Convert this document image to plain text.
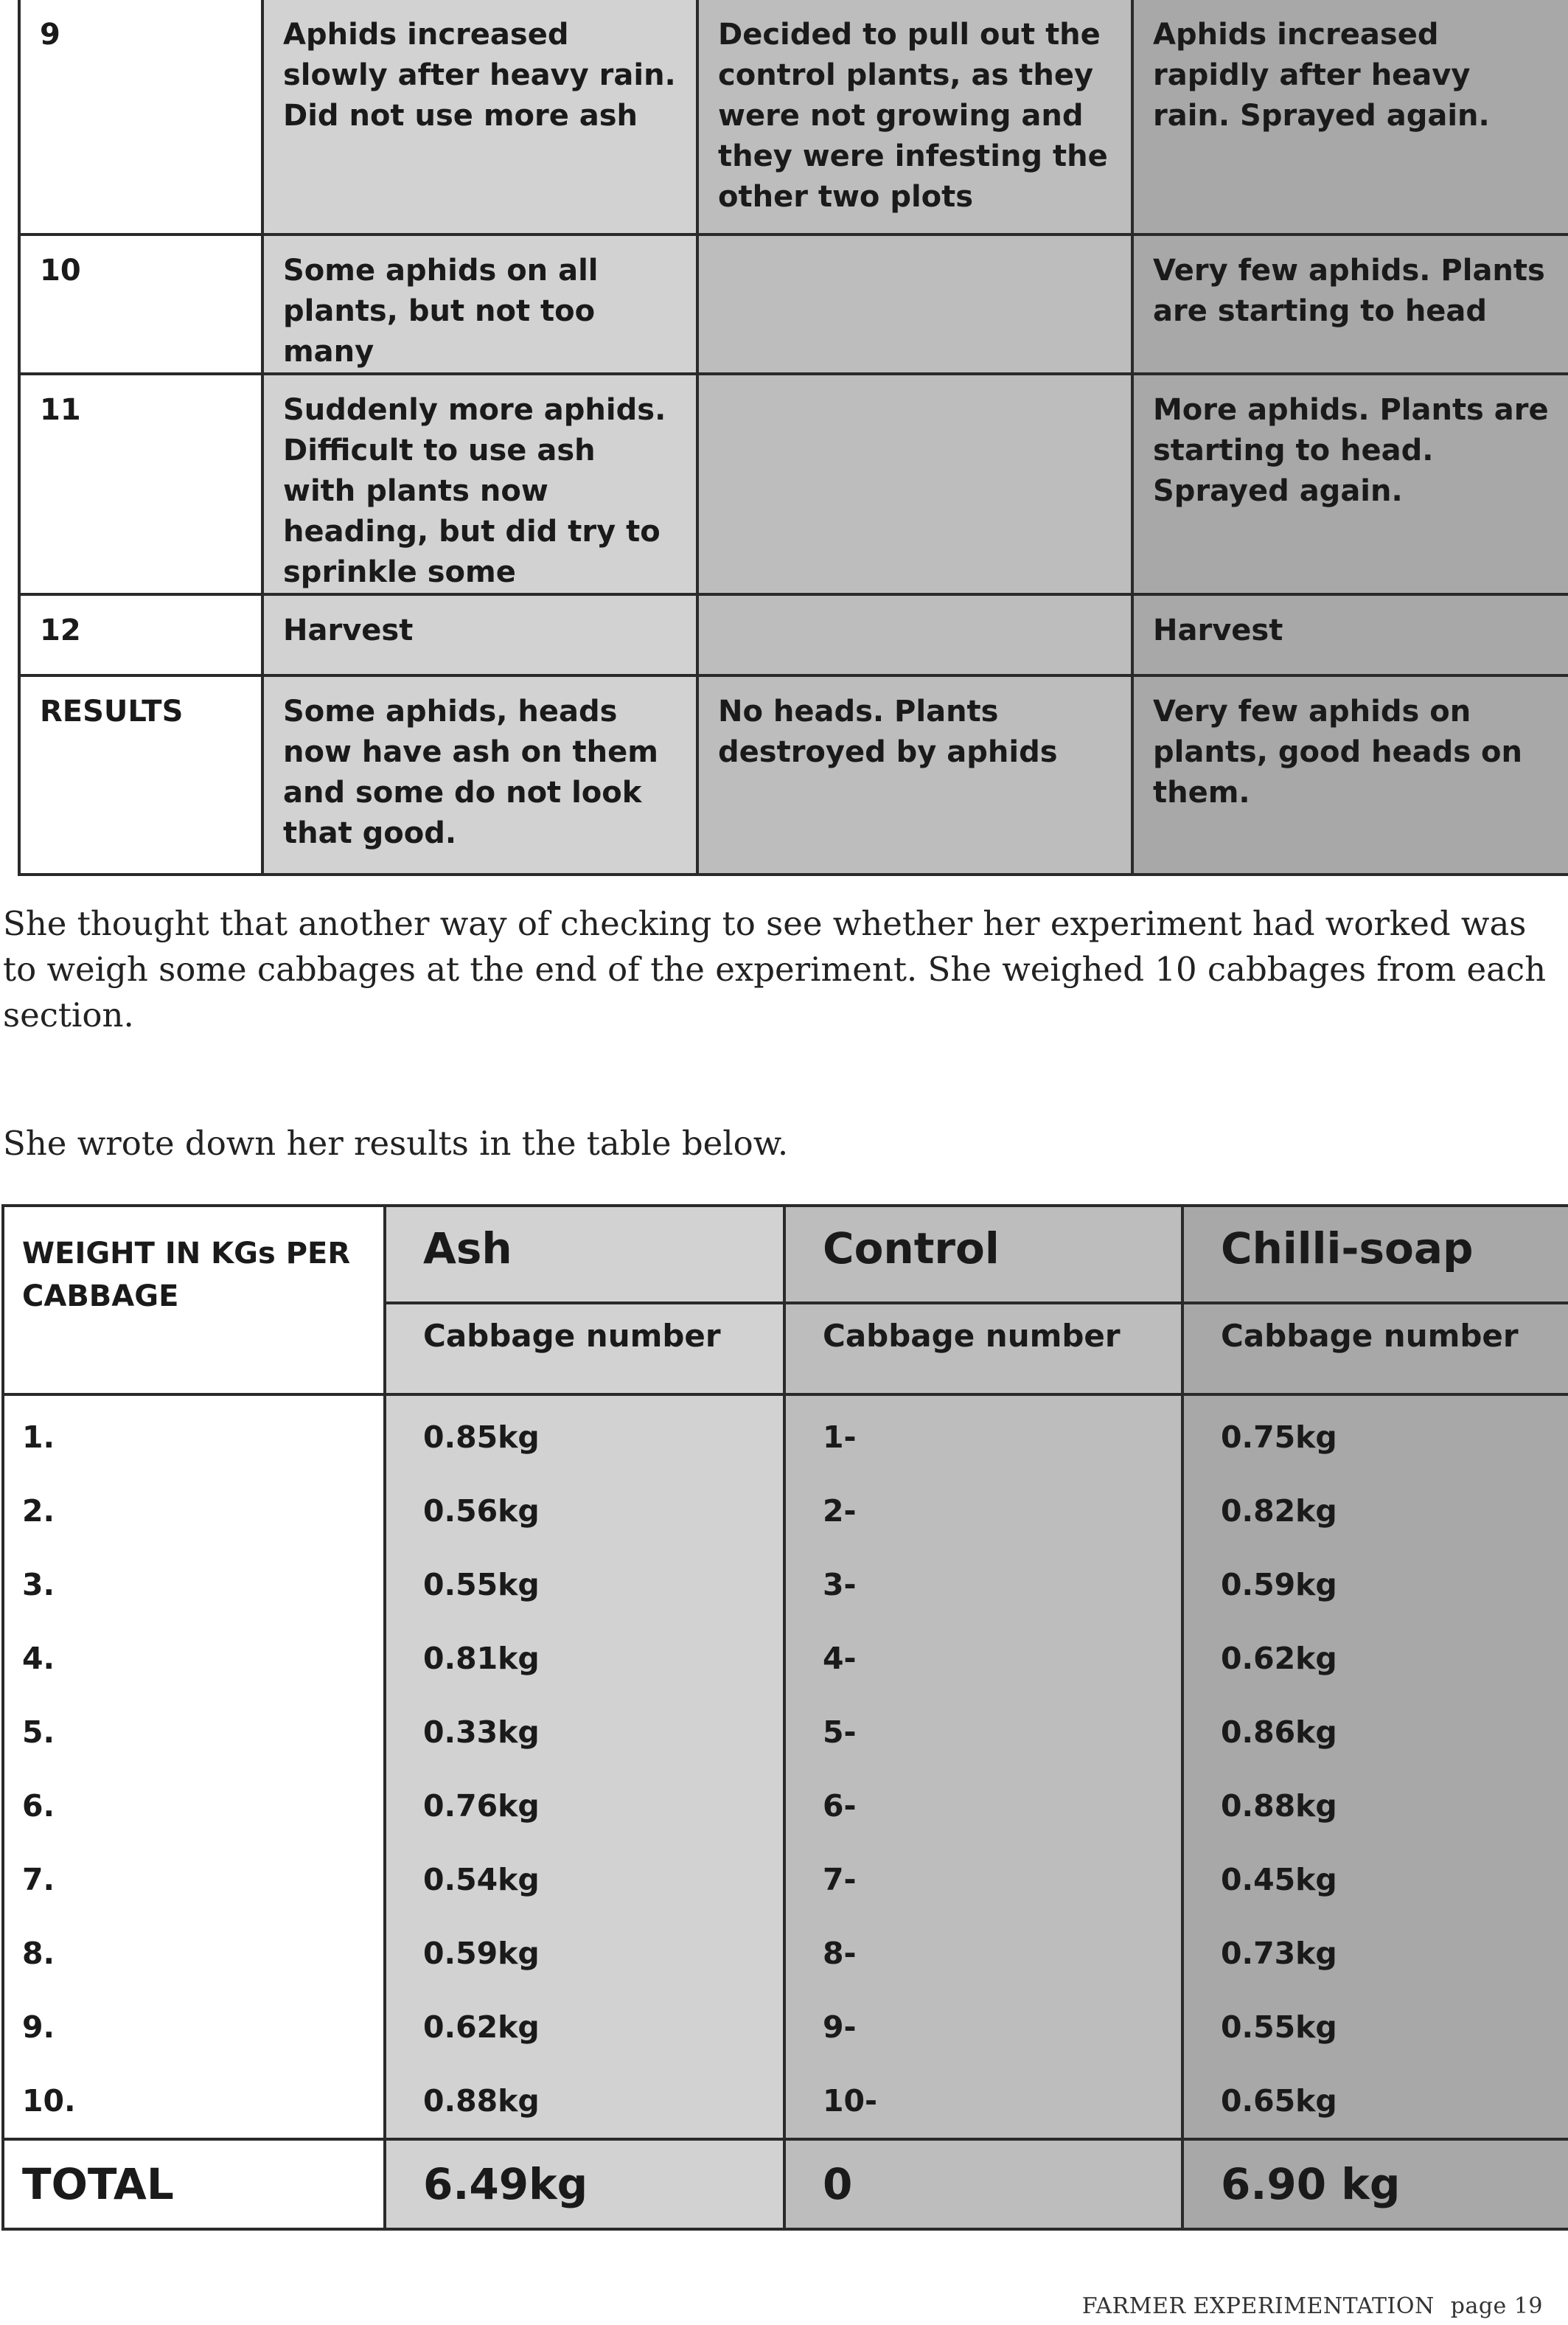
9	Aphids increased slowly after heavy rain. Did not use more ash	Decided to pull out the control plants, as they were not growing and they were infesting the other two plots	Aphids increased rapidly after heavy rain. Sprayed again.
10	Some aphids on all plants, but not too many		Very few aphids. Plants are starting to head
11	Suddenly more aphids. Difficult to use ash with plants now heading, but did try to sprinkle some		More aphids. Plants are starting to head. Sprayed again.
12	Harvest		Harvest
RESULTS	Some aphids, heads now have ash on them and some do not look that good.	No heads. Plants destroyed by aphids	Very few aphids on plants, good heads on them.

She thought that another way of checking to see whether her experiment had worked was to weigh some cabbages at the end of the experiment. She weighed 10 cabbages from each section.

She wrote down her results in the table below.

WEIGHT IN KGs PER CABBAGE	Ash	Control	Chilli-soap
	Cabbage number	Cabbage number	Cabbage number
1.	0.85kg	1-	0.75kg
2.	0.56kg	2-	0.82kg
3.	0.55kg	3-	0.59kg
4.	0.81kg	4-	0.62kg
5.	0.33kg	5-	0.86kg
6.	0.76kg	6-	0.88kg
7.	0.54kg	7-	0.45kg
8.	0.59kg	8-	0.73kg
9.	0.62kg	9-	0.55kg
10.	0.88kg	10-	0.65kg
TOTAL	6.49kg	0	6.90 kg
FARMER EXPERIMENTATION page 19
